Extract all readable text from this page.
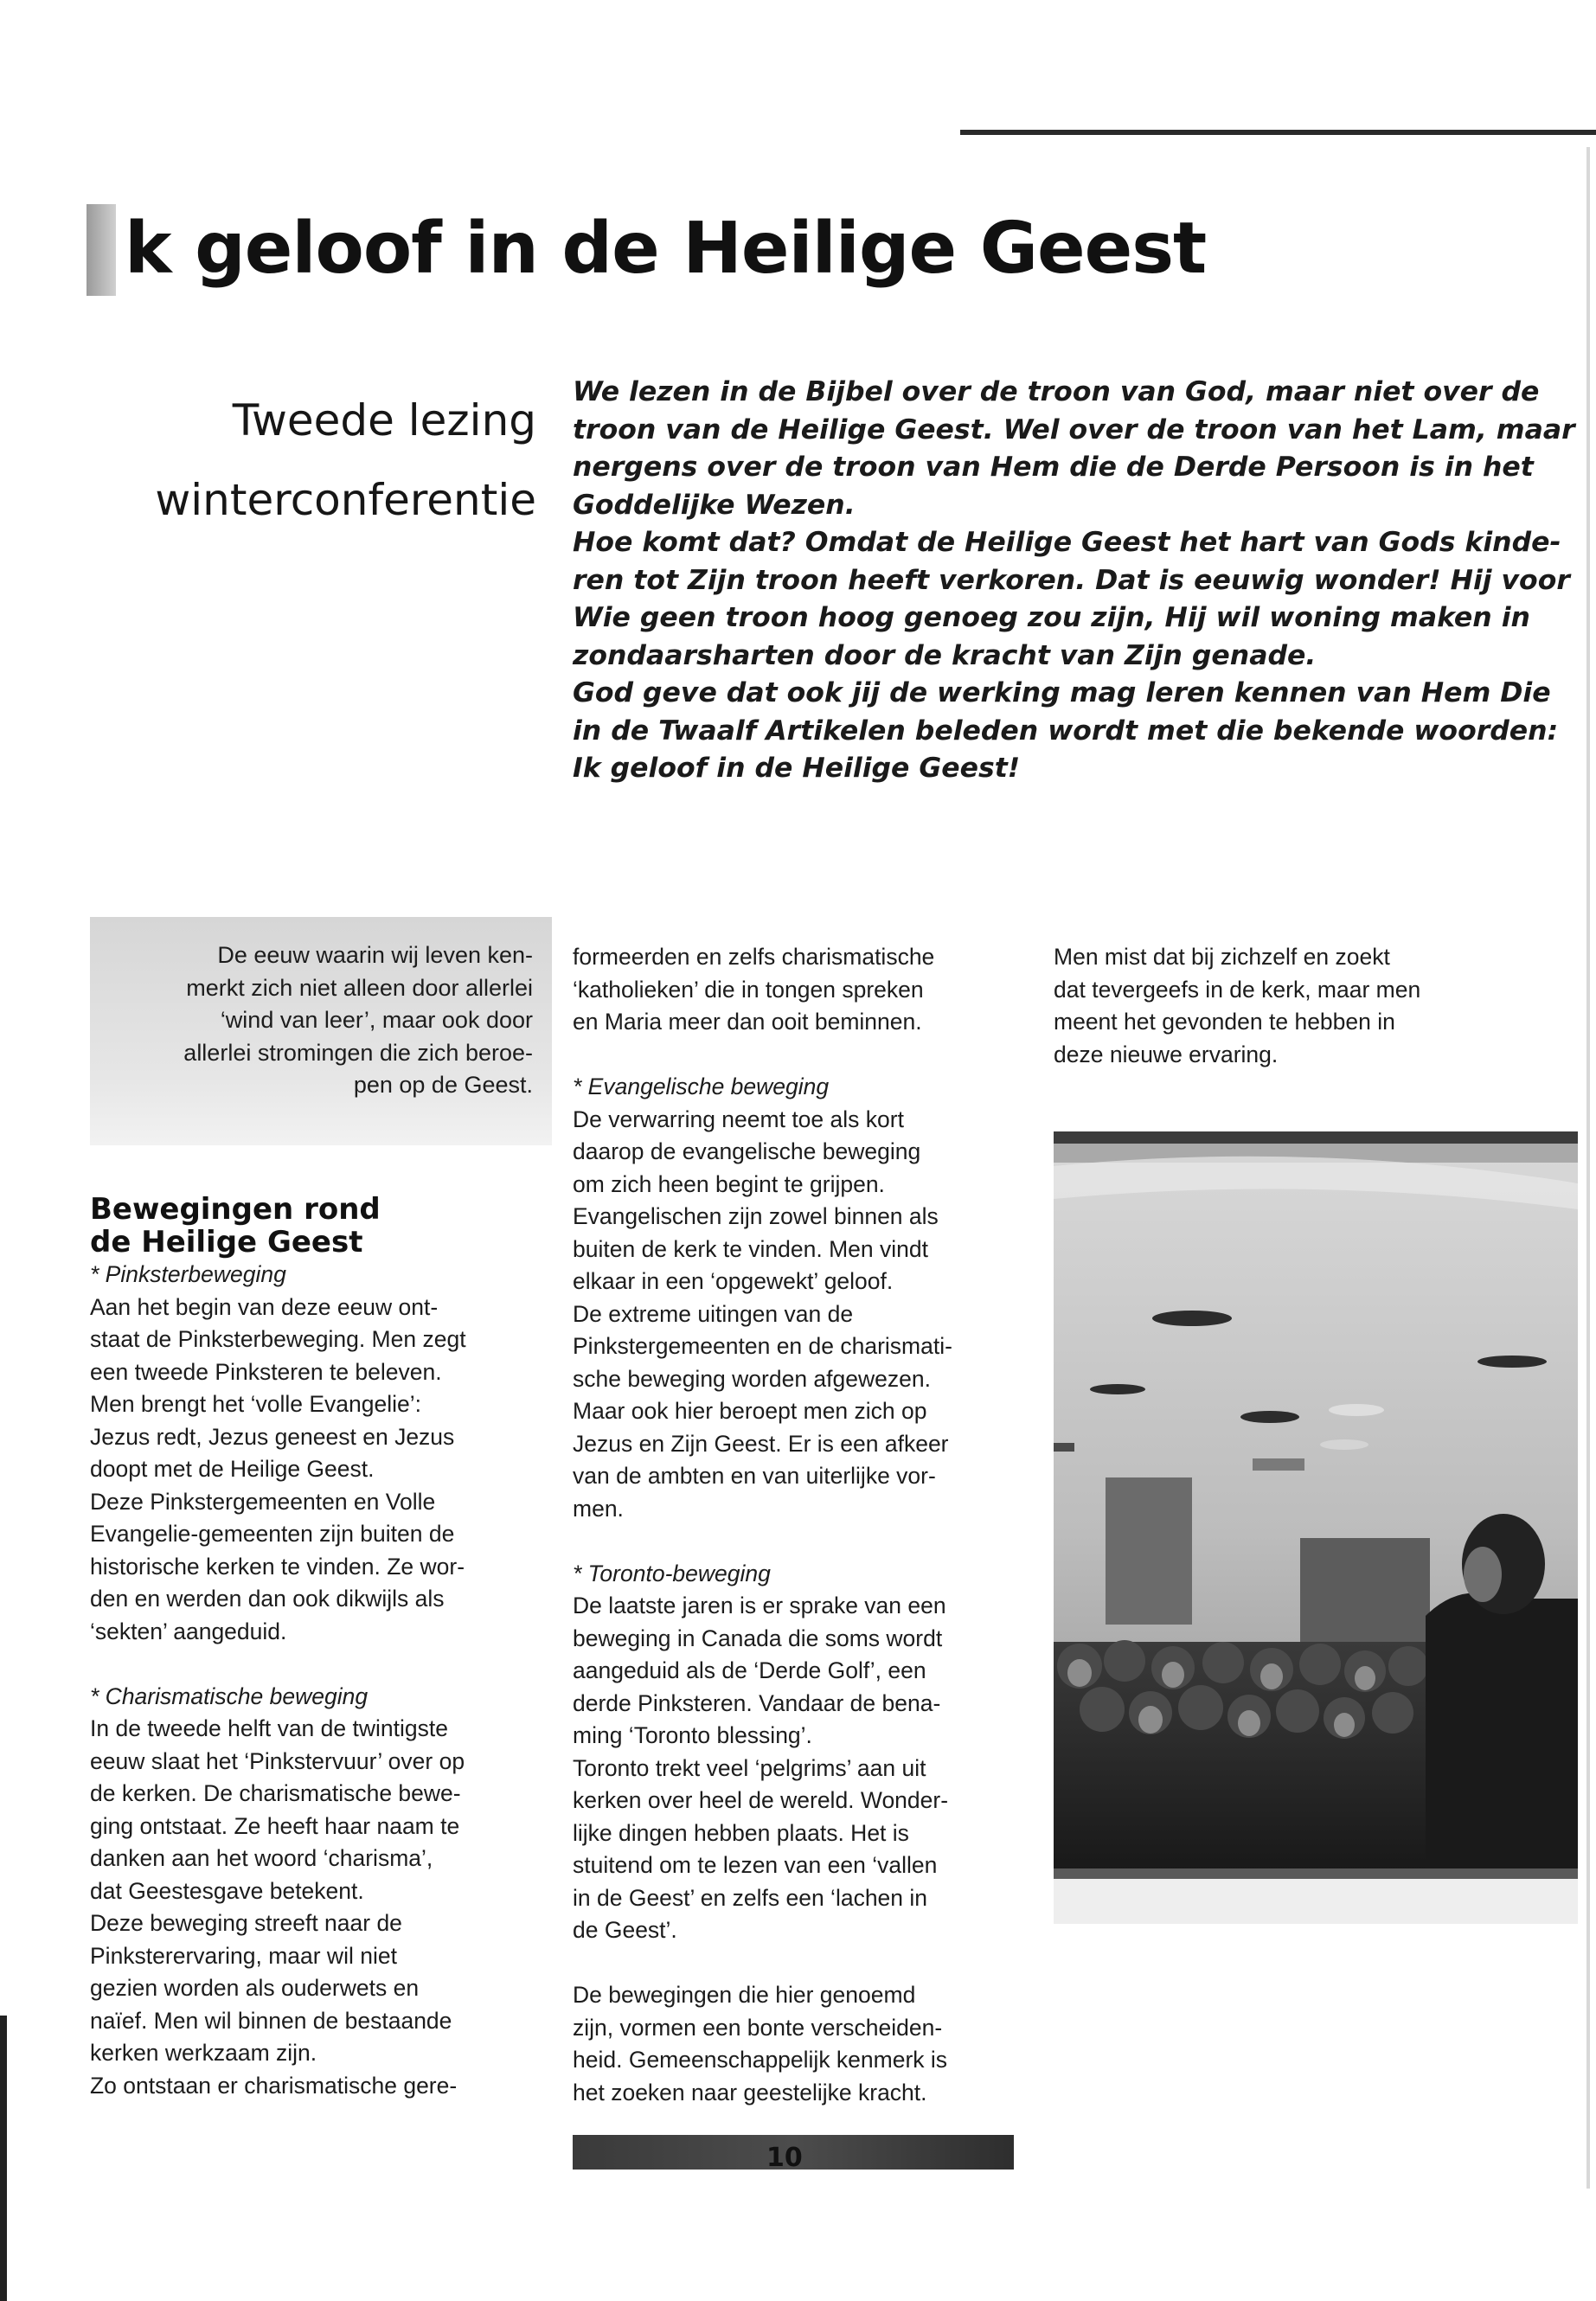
k geloof in de Heilige Geest
Tweede lezing
winterconferentie
We lezen in de Bijbel over de troon van God, maar niet over de
troon van de Heilige Geest. Wel over de troon van het Lam, maar
nergens over de troon van Hem die de Derde Persoon is in het
Goddelijke Wezen.
Hoe komt dat? Omdat de Heilige Geest het hart van Gods kinde-
ren tot Zijn troon heeft verkoren. Dat is eeuwig wonder! Hij voor
Wie geen troon hoog genoeg zou zijn, Hij wil woning maken in
zondaarsharten door de kracht van Zijn genade.
God geve dat ook jij de werking mag leren kennen van Hem Die
in de Twaalf Artikelen beleden wordt met die bekende woorden:
Ik geloof in de Heilige Geest!
De eeuw waarin wij leven ken-
merkt zich niet alleen door allerlei
‘wind van leer’, maar ook door
allerlei stromingen die zich beroe-
pen op de Geest.
Bewegingen rond
de Heilige Geest
* Pinksterbeweging
Aan het begin van deze eeuw ont-
staat de Pinksterbeweging. Men zegt
een tweede Pinksteren te beleven.
Men brengt het ‘volle Evangelie’:
Jezus redt, Jezus geneest en Jezus
doopt met de Heilige Geest.
Deze Pinkstergemeenten en Volle
Evangelie-gemeenten zijn buiten de
historische kerken te vinden. Ze wor-
den en werden dan ook dikwijls als
‘sekten’ aangeduid.
* Charismatische beweging
In de tweede helft van de twintigste
eeuw slaat het ‘Pinkstervuur’ over op
de kerken. De charismatische bewe-
ging ontstaat. Ze heeft haar naam te
danken aan het woord ‘charisma’,
dat Geestesgave betekent.
Deze beweging streeft naar de
Pinksterervaring, maar wil niet
gezien worden als ouderwets en
naïef. Men wil binnen de bestaande
kerken werkzaam zijn.
Zo ontstaan er charismatische gere-
formeerden en zelfs charismatische
‘katholieken’ die in tongen spreken
en Maria meer dan ooit beminnen.
* Evangelische beweging
De verwarring neemt toe als kort
daarop de evangelische beweging
om zich heen begint te grijpen.
Evangelischen zijn zowel binnen als
buiten de kerk te vinden. Men vindt
elkaar in een ‘opgewekt’ geloof.
De extreme uitingen van de
Pinkstergemeenten en de charismati-
sche beweging worden afgewezen.
Maar ook hier beroept men zich op
Jezus en Zijn Geest. Er is een afkeer
van de ambten en van uiterlijke vor-
men.
* Toronto-beweging
De laatste jaren is er sprake van een
beweging in Canada die soms wordt
aangeduid als de ‘Derde Golf’, een
derde Pinksteren. Vandaar de bena-
ming ‘Toronto blessing’.
Toronto trekt veel ‘pelgrims’ aan uit
kerken over heel de wereld. Wonder-
lijke dingen hebben plaats. Het is
stuitend om te lezen van een ‘vallen
in de Geest’ en zelfs een ‘lachen in
de Geest’.
De bewegingen die hier genoemd
zijn, vormen een bonte verscheiden-
heid. Gemeenschappelijk kenmerk is
het zoeken naar geestelijke kracht.
Men mist dat bij zichzelf en zoekt
dat tevergeefs in de kerk, maar men
meent het gevonden te hebben in
deze nieuwe ervaring.
10
